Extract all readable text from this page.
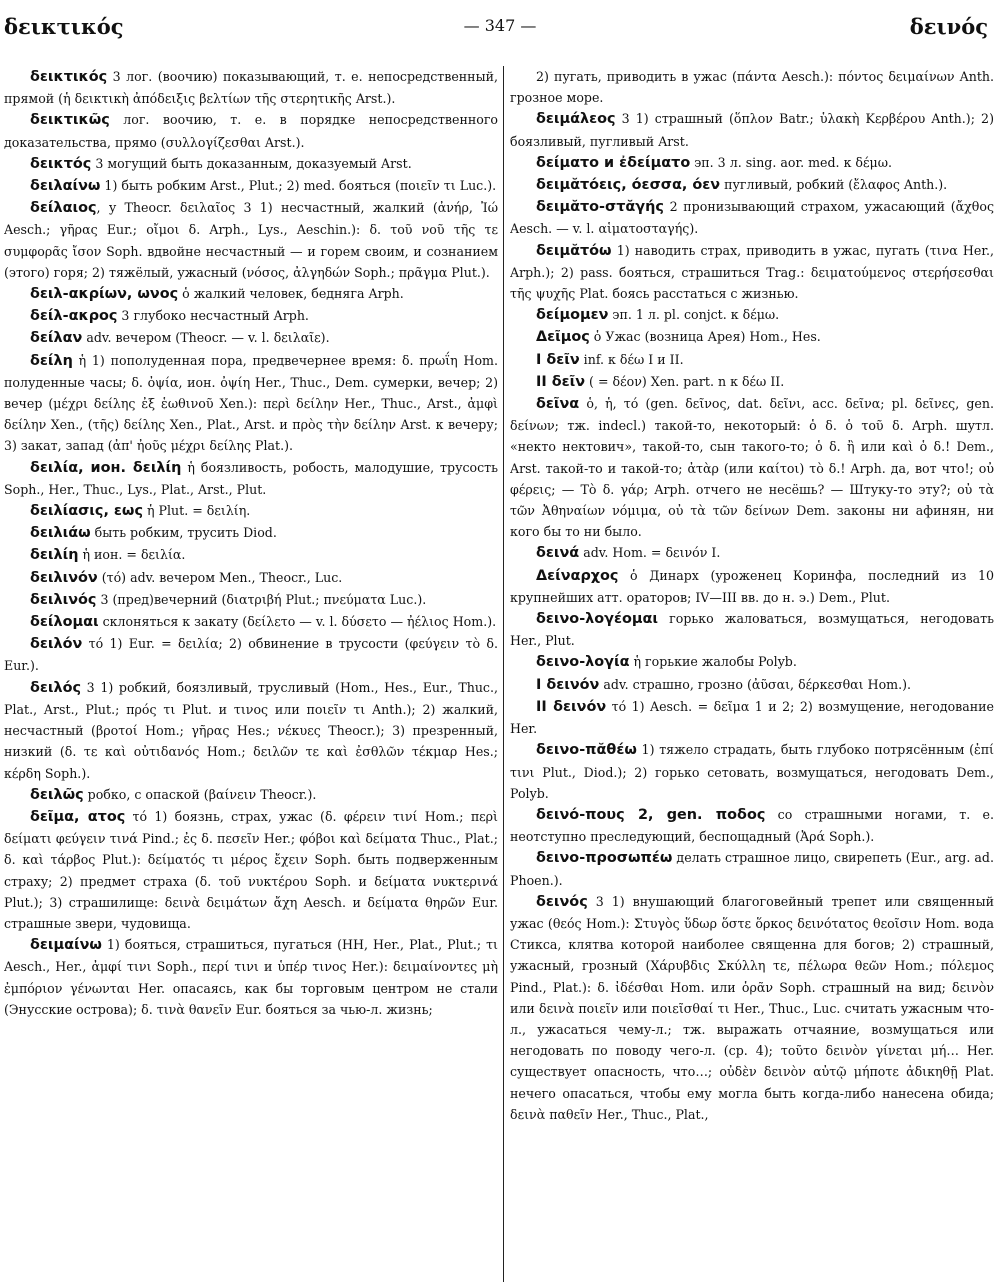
δεικτικός	— 347 —	δεινός

δεικτικός 3 лог. (воочию) показывающий, т. е. непосредственный, прямой (ἡ δεικτικὴ ἀπόδειξις βελτίων τῆς στερητικῆς Arst.).

δεικτικῶς лог. воочию, т. е. в порядке непосредственного доказательства, прямо (συλλογίζεσθαι Arst.).

δεικτός 3 могущий быть доказанным, доказуемый Arst.

δειλαίνω 1) быть робким Arst., Plut.; 2) med. бояться (ποιεῖν τι Luc.).

δείλαιος, у Theocr. δειλαῖος 3 1) несчастный, жалкий (ἀνήρ, Ἰώ Aesch.; γῆρας Eur.; οἴμοι δ. Arph., Lys., Aeschin.): δ. τοῦ νοῦ τῆς τε συμφορᾶς ἴσον Soph. вдвойне несчастный — и горем своим, и сознанием (этого) горя; 2) тяжёлый, ужасный (νόσος, ἀλγηδών Soph.; πρᾶγμα Plut.).

δειλ-ακρίων, ωνος ὁ жалкий человек, бедняга Arph.

δείλ-ακρος 3 глубоко несчастный Arph.

δείλαν adv. вечером (Theocr. — v. l. δειλαῖε).

δείλη ἡ 1) пополуденная пора, предвечернее время: δ. πρωΐη Hom. полуденные часы; δ. ὀψία, ион. ὀψίη Her., Thuc., Dem. сумерки, вечер; 2) вечер (μέχρι δείλης ἐξ ἑωθινοῦ Xen.): περὶ δείλην Her., Thuc., Arst., ἀμφὶ δείλην Xen., (τῆς) δείλης Xen., Plat., Arst. и πρὸς τὴν δείλην Arst. к вечеру; 3) закат, запад (ἀπ' ἠοῦς μέχρι δείλης Plat.).

δειλία, ион. δειλίη ἡ боязливость, робость, малодушие, трусость Soph., Her., Thuc., Lys., Plat., Arst., Plut.

δειλίασις, εως ἡ Plut. = δειλίη.

δειλιάω быть робким, трусить Diod.

δειλίη ἡ ион. = δειλία.

δειλινόν (τό) adv. вечером Men., Theocr., Luc.

δειλινός 3 (пред)вечерний (διατριβή Plut.; πνεύματα Luc.).

δείλομαι склоняться к закату (δείλετο — v. l. δύσετο — ἠέλιος Hom.).

δειλόν τό 1) Eur. = δειλία; 2) обвинение в трусости (φεύγειν τὸ δ. Eur.).

δειλός 3 1) робкий, боязливый, трусливый (Hom., Hes., Eur., Thuc., Plat., Arst., Plut.; πρός τι Plut. и τινος или ποιεῖν τι Anth.); 2) жалкий, несчастный (βροτοί Hom.; γῆρας Hes.; νέκυες Theocr.); 3) презренный, низкий (δ. τε καὶ οὐτιδανός Hom.; δειλῶν τε καὶ ἐσθλῶν τέκμαρ Hes.; κέρδη Soph.).

δειλῶς робко, с опаской (βαίνειν Theocr.).

δεῖμα, ατος τό 1) боязнь, страх, ужас (δ. φέρειν τινί Hom.; περὶ δείματι φεύγειν τινά Pind.; ἐς δ. πεσεῖν Her.; φόβοι καὶ δείματα Thuc., Plat.; δ. καὶ τάρβος Plut.): δείματός τι μέρος ἔχειν Soph. быть подверженным страху; 2) предмет страха (δ. τοῦ νυκτέρου Soph. и δείματα νυκτερινά Plut.); 3) страшилище: δεινὰ δειμάτων ἄχη Aesch. и δείματα θηρῶν Eur. страшные звери, чудовища.

δειμαίνω 1) бояться, страшиться, пугаться (HH, Her., Plat., Plut.; τι Aesch., Her., ἀμφί τινι Soph., περί τινι и ὑπέρ τινος Her.): δειμαίνοντες μὴ ἐμπόριον γένωνται Her. опасаясь, как бы торговым центром не стали (Энусские острова); δ. τινὰ θανεῖν Eur. бояться за чью-л. жизнь;

2) пугать, приводить в ужас (πάντα Aesch.): πόντος δειμαίνων Anth. грозное море.

δειμάλεος 3 1) страшный (ὅπλον Batr.; ὑλακὴ Κερβέρου Anth.); 2) боязливый, пугливый Arst.

δείματο и ἐδείματο эп. 3 л. sing. aor. med. к δέμω.

δειμᾰτόεις, όεσσα, όεν пугливый, робкий (ἔλαφος Anth.).

δειμᾰτο-στᾰγής 2 пронизывающий страхом, ужасающий (ἄχθος Aesch. — v. l. αἱματοσταγής).

δειμᾰτόω 1) наводить страх, приводить в ужас, пугать (τινα Her., Arph.); 2) pass. бояться, страшиться Trag.: δειματούμενος στερήσεσθαι τῆς ψυχῆς Plat. боясь расстаться с жизнью.

δείμομεν эп. 1 л. pl. conjct. к δέμω.

Δεῖμος ὁ Ужас (возница Арея) Hom., Hes.

I δεῖν inf. к δέω I и II.

II δεῖν ( = δέον) Xen. part. n к δέω II.

δεῖνα ὁ, ἡ, τό (gen. δεῖνος, dat. δεῖνι, acc. δεῖνα; pl. δεῖνες, gen. δείνων; тж. indecl.) такой-то, некоторый: ὁ δ. ὁ τοῦ δ. Arph. шутл. «некто нектович», такой-то, сын такого-то; ὁ δ. ἢ или καὶ ὁ δ.! Dem., Arst. такой-то и такой-то; ἀτὰρ (или καίτοι) τὸ δ.! Arph. да, вот что!; οὐ φέρεις; — Τὸ δ. γάρ; Arph. отчего не несёшь? — Штуку-то эту?; οὐ τὰ τῶν Ἀθηναίων νόμιμα, οὐ τὰ τῶν δείνων Dem. законы ни афинян, ни кого бы то ни было.

δεινά adv. Hom. = δεινόν I.

Δείναρχος ὁ Динарх (уроженец Коринфа, последний из 10 крупнейших атт. ораторов; IV—III вв. до н. э.) Dem., Plut.

δεινο-λογέομαι горько жаловаться, возмущаться, негодовать Her., Plut.

δεινο-λογία ἡ горькие жалобы Polyb.

I δεινόν adv. страшно, грозно (ἀῦσαι, δέρκεσθαι Hom.).

II δεινόν τό 1) Aesch. = δεῖμα 1 и 2; 2) возмущение, негодование Her.

δεινο-πᾰθέω 1) тяжело страдать, быть глубоко потрясённым (ἐπί τινι Plut., Diod.); 2) горько сетовать, возмущаться, негодовать Dem., Polyb.

δεινό-πους 2, gen. ποδος со страшными ногами, т. е. неотступно преследующий, беспощадный (Ἀρά Soph.).

δεινο-προσωπέω делать страшное лицо, свирепеть (Eur., arg. ad. Phoen.).

δεινός 3 1) внушающий благоговейный трепет или священный ужас (θεός Hom.): Στυγὸς ὕδωρ ὅστε ὅρκος δεινότατος θεοῖσιν Hom. вода Стикса, клятва которой наиболее священна для богов; 2) страшный, ужасный, грозный (Χάρυβδις Σκύλλη τε, πέλωρα θεῶν Hom.; πόλεμος Pind., Plat.): δ. ἰδέσθαι Hom. или ὁρᾶν Soph. страшный на вид; δεινὸν или δεινὰ ποιεῖν или ποιεῖσθαί τι Her., Thuc., Luc. считать ужасным что-л., ужасаться чему-л.; тж. выражать отчаяние, возмущаться или негодовать по поводу чего-л. (ср. 4); τοῦτο δεινὸν γίνεται μή… Her. существует опасность, что…; οὐδὲν δεινὸν αὐτῷ μήποτε ἀδικηθῇ Plat. нечего опасаться, чтобы ему могла быть когда-либо нанесена обида; δεινὰ παθεῖν Her., Thuc., Plat.,
